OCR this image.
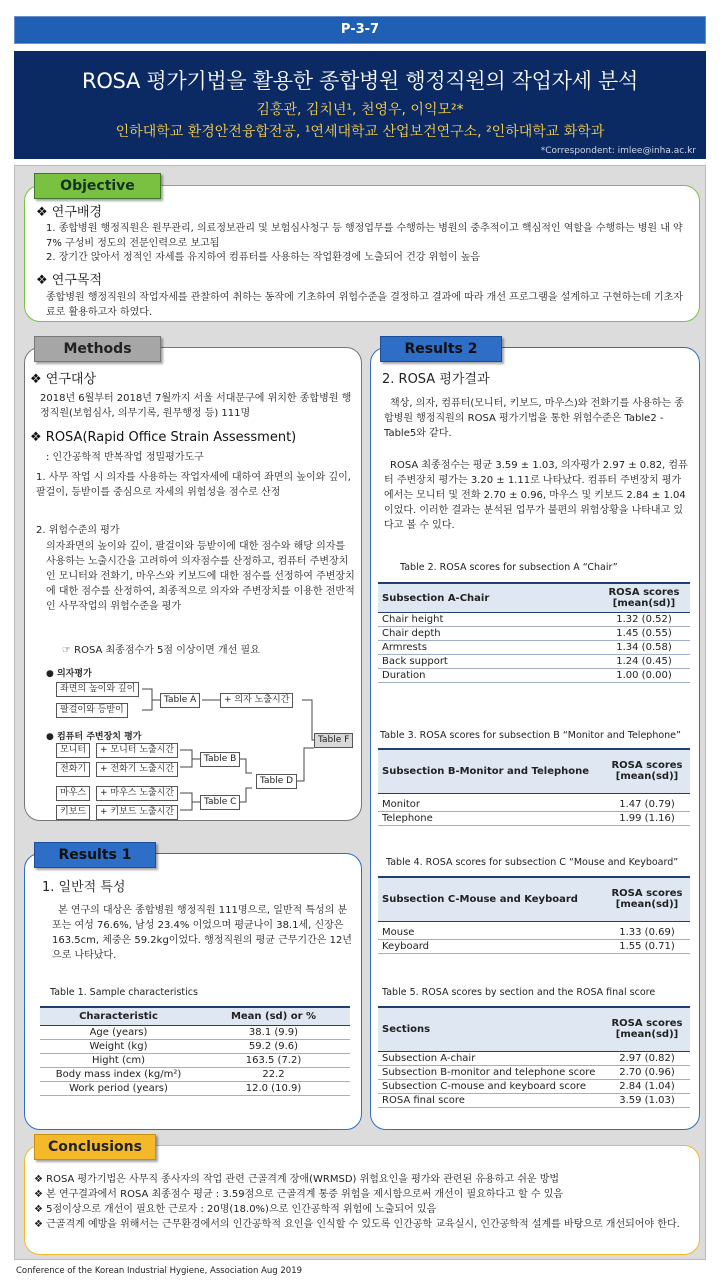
P-3-7
ROSA 평가기법을 활용한 종합병원 행정직원의 작업자세 분석
김홍관, 김치년¹, 천영우, 이익모²*
인하대학교 환경안전융합전공, ¹연세대학교 산업보건연구소, ²인하대학교 화학과
*Correspondent: imlee@inha.ac.kr
Objective
❖ 연구배경
1. 종합병원 행정직원은 원무관리, 의료정보관리 및 보험심사청구 등 행정업무를 수행하는 병원의 중추적이고 핵심적인 역할을 수행하는 병원 내 약 7% 구성비 정도의 전문인력으로 보고됨
2. 장기간 앉아서 정적인 자세를 유지하여 컴퓨터를 사용하는 작업환경에 노출되어 건강 위험이 높음
❖ 연구목적
종합병원 행정직원의 작업자세를 관찰하여 취하는 동작에 기초하여 위험수준을 결정하고 결과에 따라 개선 프로그램을 설계하고 구현하는데 기초자료로 활용하고자 하였다.
Methods
❖ 연구대상
2018년 6월부터 2018년 7월까지 서울 서대문구에 위치한 종합병원 행정직원(보험심사, 의무기록, 원무행정 등) 111명
❖ ROSA(Rapid Office Strain Assessment)
: 인간공학적 반복작업 정밀평가도구
1. 사무 작업 시 의자를 사용하는 작업자세에 대하여 좌면의 높이와 깊이, 팔걸이, 등받이를 중심으로 자세의 위험성을 점수로 산정
2. 위험수준의 평가
의자좌면의 높이와 깊이, 팔걸이와 등받이에 대한 점수와 해당 의자를 사용하는 노출시간을 고려하여 의자점수를 산정하고, 컴퓨터 주변장치인 모니터와 전화기, 마우스와 키보드에 대한 점수를 선정하여 주변장치에 대한 점수를 산정하여, 최종적으로 의자와 주변장치를 이용한 전반적인 사무작업의 위험수준을 평가
☞ ROSA 최종점수가 5점 이상이면 개선 필요
● 의자평가
좌면의 높이와 깊이
팔걸이와 등받이
Table A	+ 의자 노출시간
● 컴퓨터 주변장치 평가
모니터	+ 모니터 노출시간
전화기	+ 전화기 노출시간
Table B
마우스	+ 마우스 노출시간
키보드	+ 키보드 노출시간
Table C
Table D
Table F
Results 1
1. 일반적 특성
본 연구의 대상은 종합병원 행정직원 111명으로, 일반적 특성의 분포는 여성 76.6%, 남성 23.4% 이었으며 평균나이 38.1세, 신장은 163.5cm, 체중은 59.2kg이었다. 행정직원의 평균 근무기간은 12년으로 나타났다.
Table 1. Sample characteristics
Characteristic	Mean (sd) or %
Age (years)	38.1 (9.9)
Weight (kg)	59.2 (9.6)
Hight (cm)	163.5 (7.2)
Body mass index (kg/m²)	22.2
Work period (years)	12.0 (10.9)
Results 2
2. ROSA 평가결과
책상, 의자, 컴퓨터(모니터, 키보드, 마우스)와 전화기를 사용하는 종합병원 행정직원의 ROSA 평가기법을 통한 위험수준은 Table2 - Table5와 같다.
ROSA 최종점수는 평균 3.59 ± 1.03, 의자평가 2.97 ± 0.82, 컴퓨터 주변장치 평가는 3.20 ± 1.11로 나타났다. 컴퓨터 주변장치 평가에서는 모니터 및 전화 2.70 ± 0.96, 마우스 및 키보드 2.84 ± 1.04이었다. 이러한 결과는 분석된 업무가 불편의 위험상황을 나타내고 있다고 볼 수 있다.
Table 2. ROSA scores for subsection A “Chair”
Subsection A-Chair	ROSA scores [mean(sd)]
Chair height	1.32 (0.52)
Chair depth	1.45 (0.55)
Armrests	1.34 (0.58)
Back support	1.24 (0.45)
Duration	1.00 (0.00)
Table 3. ROSA scores for subsection B “Monitor and Telephone”
Subsection B-Monitor and Telephone	ROSA scores [mean(sd)]
Monitor	1.47 (0.79)
Telephone	1.99 (1.16)
Table 4. ROSA scores for subsection C “Mouse and Keyboard”
Subsection C-Mouse and Keyboard	ROSA scores [mean(sd)]
Mouse	1.33 (0.69)
Keyboard	1.55 (0.71)
Table 5. ROSA scores by section and the ROSA final score
Sections	ROSA scores [mean(sd)]
Subsection A-chair	2.97 (0.82)
Subsection B-monitor and telephone score	2.70 (0.96)
Subsection C-mouse and keyboard score	2.84 (1.04)
ROSA final score	3.59 (1.03)
Conclusions
❖ ROSA 평가기법은 사무직 종사자의 작업 관련 근골격계 장애(WRMSD) 위험요인을 평가와 관련된 유용하고 쉬운 방법
❖ 본 연구결과에서 ROSA 최종점수 평균 : 3.59점으로 근골격계 통증 위험을 제시함으로써 개선이 필요하다고 할 수 있음
❖ 5점이상으로 개선이 필요한 근로자 : 20명(18.0%)으로 인간공학적 위험에 노출되어 있음
❖ 근골격계 예방을 위해서는 근무환경에서의 인간공학적 요인을 인식할 수 있도록 인간공학 교육실시, 인간공학적 설계를 바탕으로 개선되어야 한다.
Conference of the Korean Industrial Hygiene, Association Aug 2019
